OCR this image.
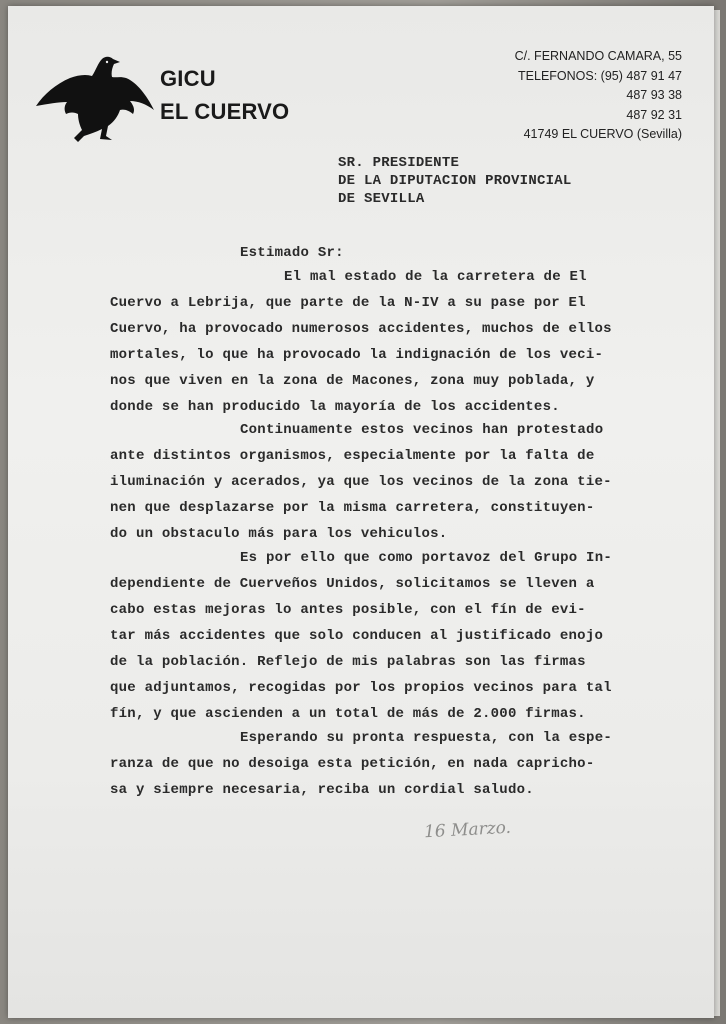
GICU
EL CUERVO
C/. FERNANDO CAMARA, 55
TELEFONOS: (95) 487 91 47
487 93 38
487 92 31
41749 EL CUERVO (Sevilla)
SR. PRESIDENTE
DE LA DIPUTACION PROVINCIAL
DE SEVILLA
Estimado Sr:
El mal estado de la carretera de El
Cuervo a Lebrija, que parte de la N-IV a su pase por El
Cuervo, ha provocado numerosos accidentes, muchos de ellos
mortales, lo que ha provocado la indignación de los veci-
nos que viven en la zona de Macones, zona muy poblada, y
donde se han producido la mayoría de los accidentes.
Continuamente estos vecinos han protestado
ante distintos organismos, especialmente por la falta de
iluminación y acerados, ya que los vecinos de la zona tie-
nen que desplazarse por la misma carretera, constituyen-
do un obstaculo más para los vehiculos.
Es por ello que como portavoz del Grupo In-
dependiente de Cuerveños Unidos, solicitamos se lleven a
cabo estas mejoras lo antes posible, con el fín de evi-
tar más accidentes que solo conducen al justificado enojo
de la población. Reflejo de mis palabras son las firmas
que adjuntamos, recogidas por los propios vecinos para tal
fín, y que ascienden a un total de más de 2.000 firmas.
Esperando su pronta respuesta, con la espe-
ranza de que no desoiga esta petición, en nada capricho-
sa y siempre necesaria, reciba un cordial saludo.
16 Marzo.
